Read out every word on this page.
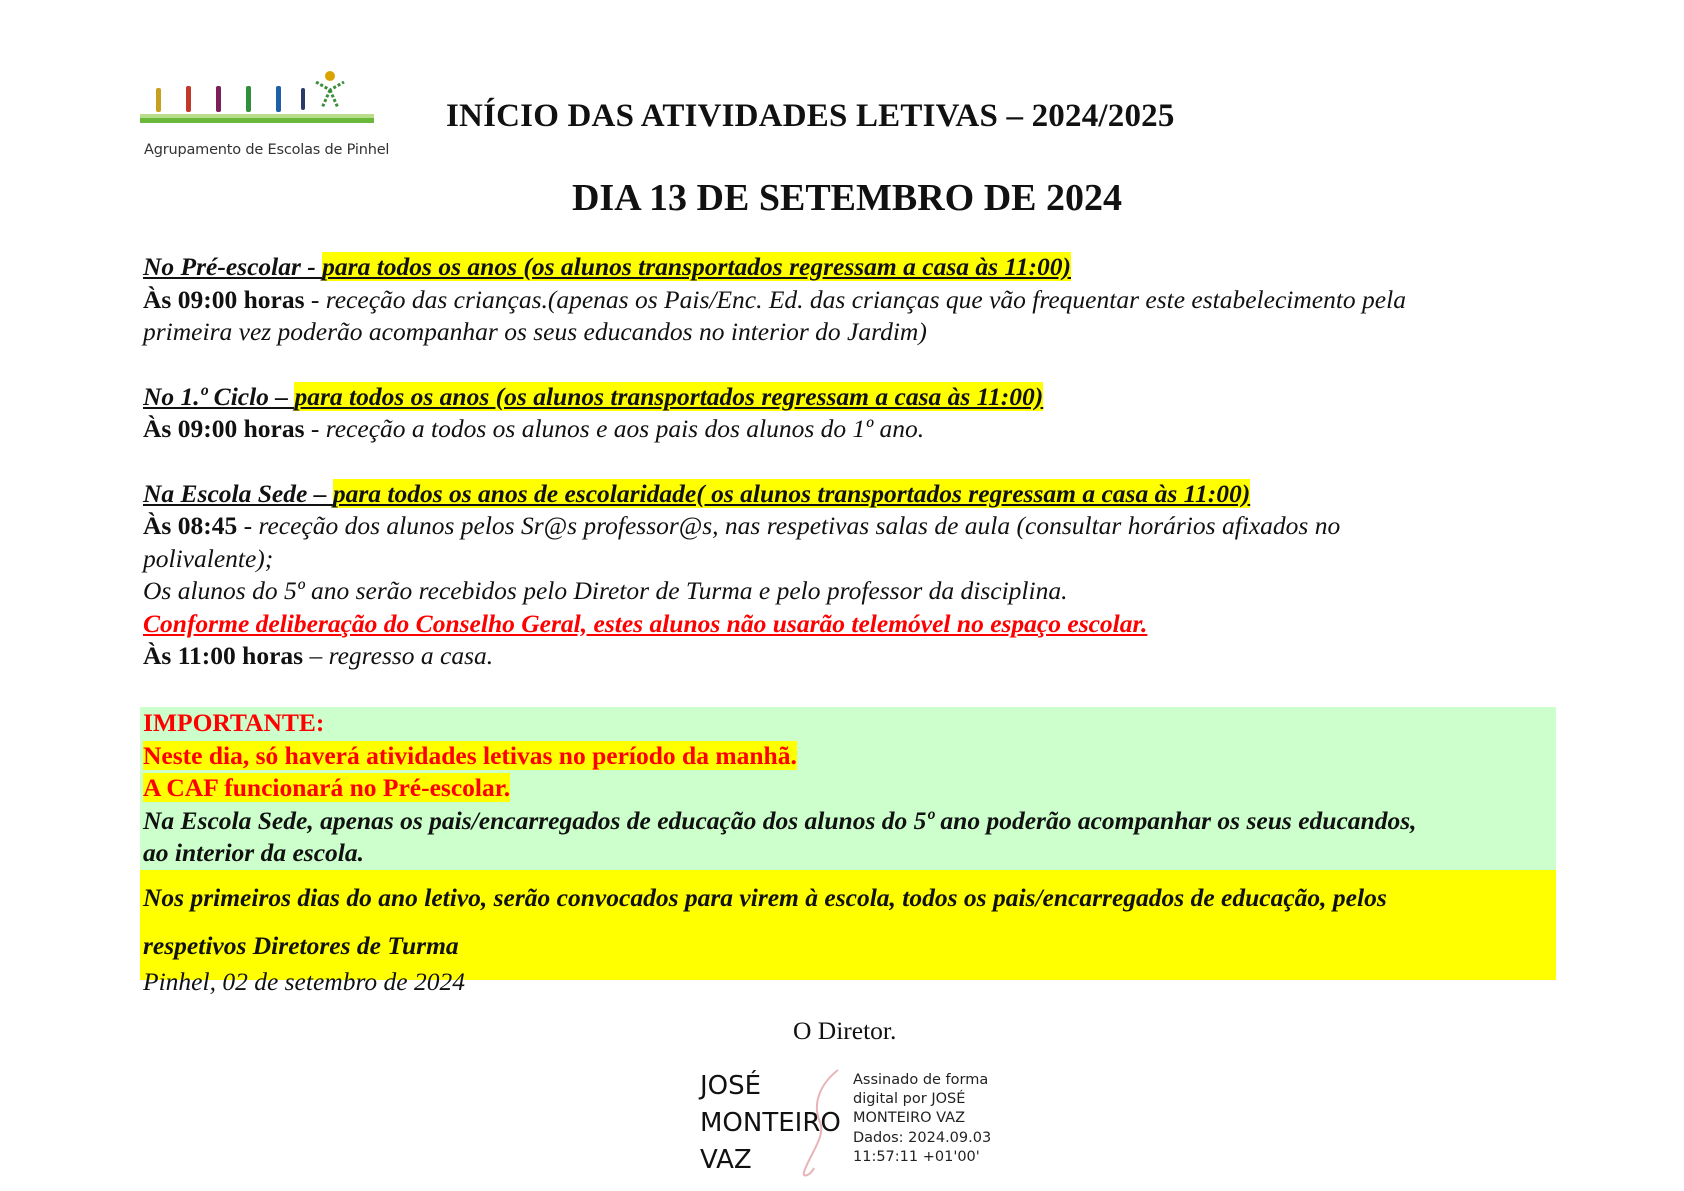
Agrupamento de Escolas de Pinhel
INÍCIO DAS ATIVIDADES LETIVAS – 2024/2025
DIA 13 DE SETEMBRO DE 2024
No Pré-escolar - para todos os anos (os alunos transportados regressam a casa às 11:00)
Às 09:00 horas - receção das crianças.(apenas os Pais/Enc. Ed. das crianças que vão frequentar este estabelecimento pela
primeira vez poderão acompanhar os seus educandos no interior do Jardim)
No 1.º Ciclo – para todos os anos (os alunos transportados regressam a casa às 11:00)
Às 09:00 horas - receção a todos os alunos e aos pais dos alunos do 1º ano.
Na Escola Sede – para todos os anos de escolaridade( os alunos transportados regressam a casa às 11:00)
Às 08:45 - receção dos alunos pelos Sr@s professor@s, nas respetivas salas de aula (consultar horários afixados no
polivalente);
Os alunos do 5º ano serão recebidos pelo Diretor de Turma e pelo professor da disciplina.
Conforme deliberação do Conselho Geral, estes alunos não usarão telemóvel no espaço escolar.
Às 11:00 horas – regresso a casa.
IMPORTANTE:
Neste dia, só haverá atividades letivas no período da manhã.
A CAF funcionará no Pré-escolar.
Na Escola Sede, apenas os pais/encarregados de educação dos alunos do 5º ano poderão acompanhar os seus educandos,
ao interior da escola.
Nos primeiros dias do ano letivo, serão convocados para virem à escola, todos os pais/encarregados de educação, pelos
respetivos Diretores de Turma
Pinhel, 02 de setembro de 2024
O Diretor.
JOSÉ
MONTEIRO
VAZ
Assinado de forma
digital por JOSÉ
MONTEIRO VAZ
Dados: 2024.09.03
11:57:11 +01'00'
